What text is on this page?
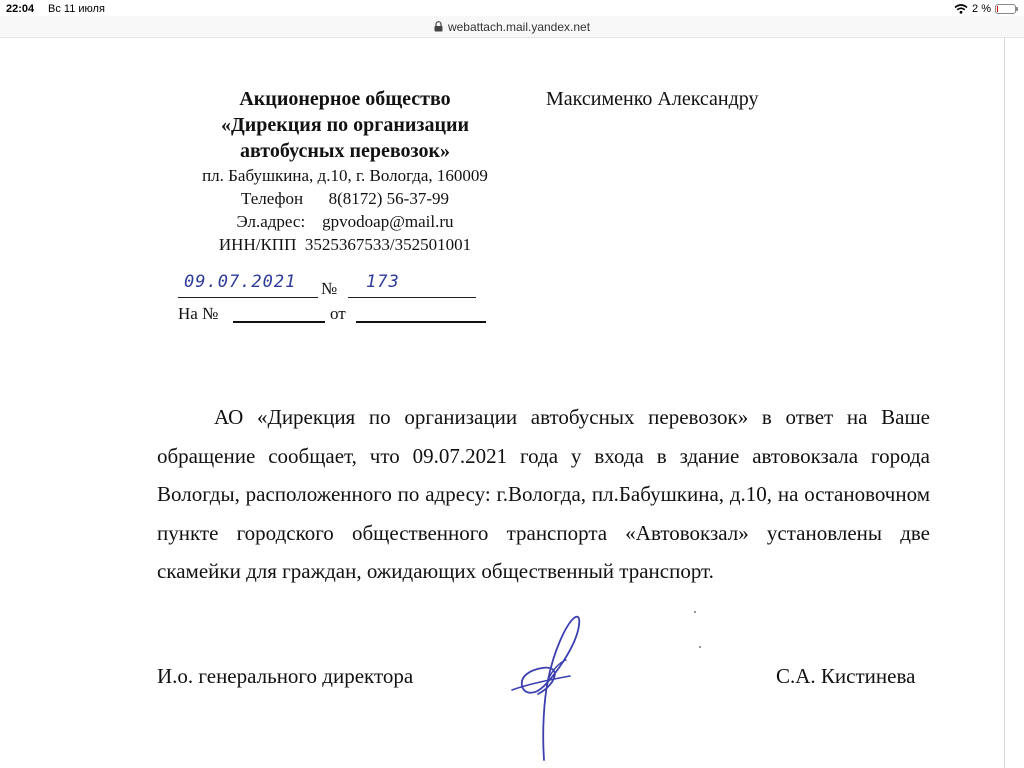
22:04 Вс 11 июля	2 %
webattach.mail.yandex.net
Акционерное общество
«Дирекция по организации
автобусных перевозок»
пл. Бабушкина, д.10, г. Вологда, 160009
Телефон 8(8172) 56-37-99
Эл.адрес: gpvodoap@mail.ru
ИНН/КПП 3525367533/352501001
Максименко Александру
09.07.2021 № 173
На №	от
АО «Дирекция по организации автобусных перевозок» в ответ на Ваше обращение сообщает, что 09.07.2021 года у входа в здание автовокзала города Вологды, расположенного по адресу: г.Вологда, пл.Бабушкина, д.10, на остановочном пункте городского общественного транспорта «Автовокзал» установлены две скамейки для граждан, ожидающих общественный транспорт.
И.о. генерального директора	С.А. Кистинева
